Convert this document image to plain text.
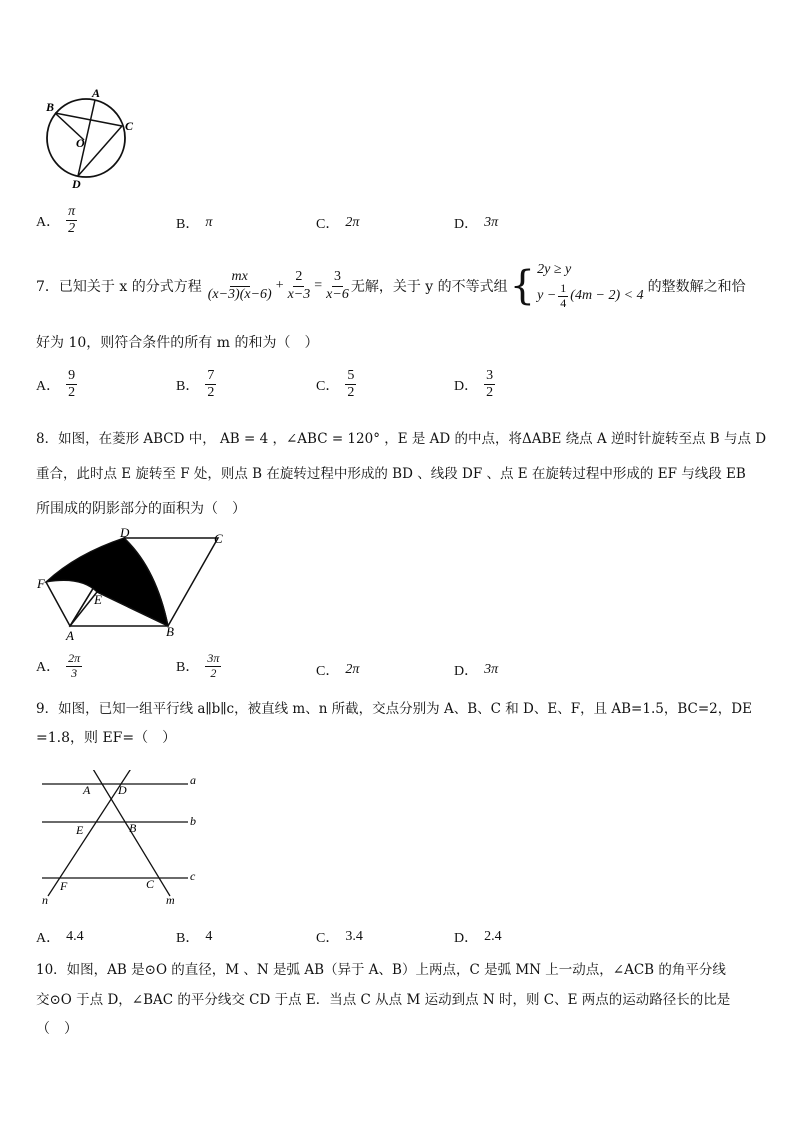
B
A
C
O
D
A． $\frac{\pi}{2}$	B． π	C． 2π	D． 3π
7．已知关于 x 的分式方程 $\frac{mx}{(x-3)(x-6)} + \frac{2}{x-3} = \frac{3}{x-6}$ 无解，关于 y 的不等式组 { 2y ≥ y
$y - \frac{1}{4} (4m - 2) < 4$
的整数解之和恰
好为 10，则符合条件的所有 m 的和为（　）
A． $\frac{9}{2}$	B． $\frac{7}{2}$	C． $\frac{5}{2}$	D． $\frac{3}{2}$
8．如图，在菱形 ABCD 中， AB = 4 ，∠ABC = 120° ，E 是 AD 的中点，将ΔABE 绕点 A 逆时针旋转至点 B 与点 D
重合，此时点 E 旋转至 F 处，则点 B 在旋转过程中形成的 BD 、线段 DF 、点 E 在旋转过程中形成的 EF 与线段 EB
所围成的阴影部分的面积为（　）
D	C
F
E
A	B
A． $\frac{2\pi}{3}$	B． $\frac{3\pi}{2}$	C． 2π	D． 3π
9．如图，已知一组平行线 a∥b∥c，被直线 m、n 所截，交点分别为 A、B、C 和 D、E、F，且 AB=1.5，BC=2，DE
=1.8，则 EF=（　）
a
b
c
A D
E	B
F	C
n	m
A． 4.4	B． 4	C． 3.4	D． 2.4
10．如图，AB 是⊙O 的直径，M 、N 是弧 AB（异于 A、B）上两点，C 是弧 MN 上一动点，∠ACB 的角平分线
交⊙O 于点 D，∠BAC 的平分线交 CD 于点 E．当点 C 从点 M 运动到点 N 时，则 C、E 两点的运动路径长的比是
（　）
